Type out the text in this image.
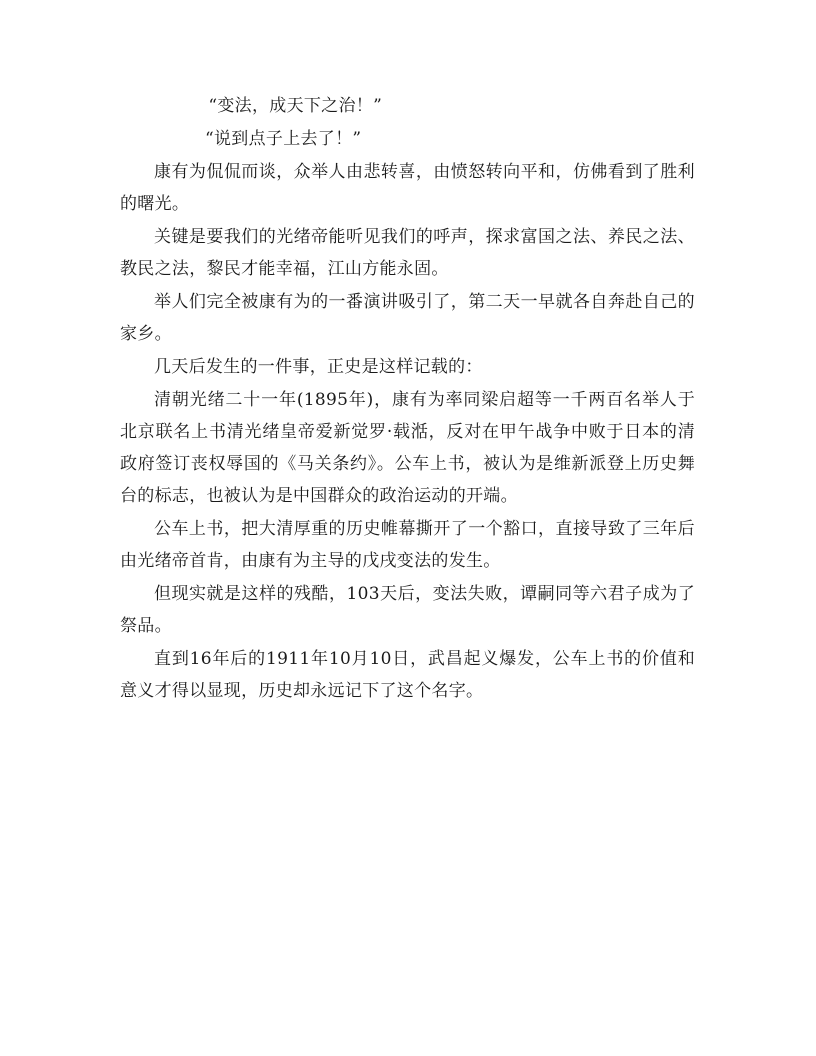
“变法，成天下之治！”

“说到点子上去了！”

康有为侃侃而谈，众举人由悲转喜，由愤怒转向平和，仿佛看到了胜利的曙光。

关键是要我们的光绪帝能听见我们的呼声，探求富国之法、养民之法、教民之法，黎民才能幸福，江山方能永固。

举人们完全被康有为的一番演讲吸引了，第二天一早就各自奔赴自己的家乡。

几天后发生的一件事，正史是这样记载的：

清朝光绪二十一年(1895年)，康有为率同梁启超等一千两百名举人于北京联名上书清光绪皇帝爱新觉罗·载湉，反对在甲午战争中败于日本的清政府签订丧权辱国的《马关条约》。公车上书，被认为是维新派登上历史舞台的标志，也被认为是中国群众的政治运动的开端。

公车上书，把大清厚重的历史帷幕撕开了一个豁口，直接导致了三年后由光绪帝首肯，由康有为主导的戊戌变法的发生。

但现实就是这样的残酷，103天后，变法失败，谭嗣同等六君子成为了祭品。

直到16年后的1911年10月10日，武昌起义爆发，公车上书的价值和意义才得以显现，历史却永远记下了这个名字。
